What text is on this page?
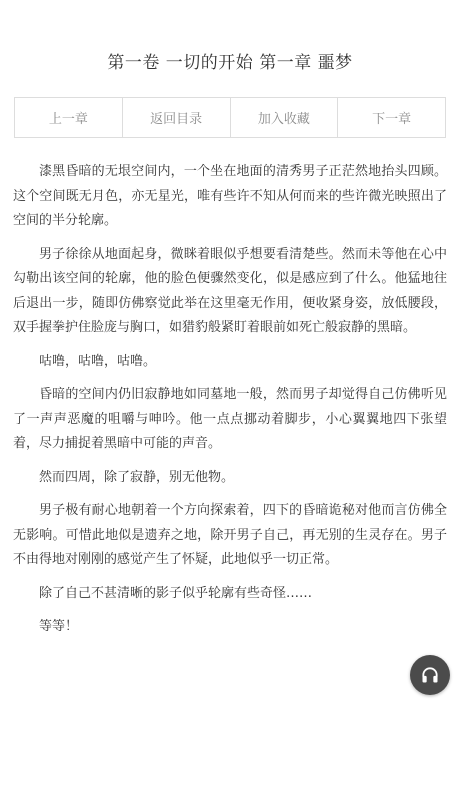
第一卷 一切的开始 第一章 噩梦
上一章	返回目录	加入收藏	下一章

漆黑昏暗的无垠空间内，一个坐在地面的清秀男子正茫然地抬头四顾。这个空间既无月色，亦无星光，唯有些许不知从何而来的些许微光映照出了空间的半分轮廓。

男子徐徐从地面起身，微眯着眼似乎想要看清楚些。然而未等他在心中勾勒出该空间的轮廓，他的脸色便骤然变化，似是感应到了什么。他猛地往后退出一步，随即仿佛察觉此举在这里毫无作用，便收紧身姿，放低腰段，双手握拳护住脸庞与胸口，如猎豹般紧盯着眼前如死亡般寂静的黑暗。

咕噜，咕噜，咕噜。

昏暗的空间内仍旧寂静地如同墓地一般，然而男子却觉得自己仿佛听见了一声声恶魔的咀嚼与呻吟。他一点点挪动着脚步，小心翼翼地四下张望着，尽力捕捉着黑暗中可能的声音。

然而四周，除了寂静，别无他物。

男子极有耐心地朝着一个方向探索着，四下的昏暗诡秘对他而言仿佛全无影响。可惜此地似是遗弃之地，除开男子自己，再无别的生灵存在。男子不由得地对刚刚的感觉产生了怀疑，此地似乎一切正常。

除了自己不甚清晰的影子似乎轮廓有些奇怪……

等等！
